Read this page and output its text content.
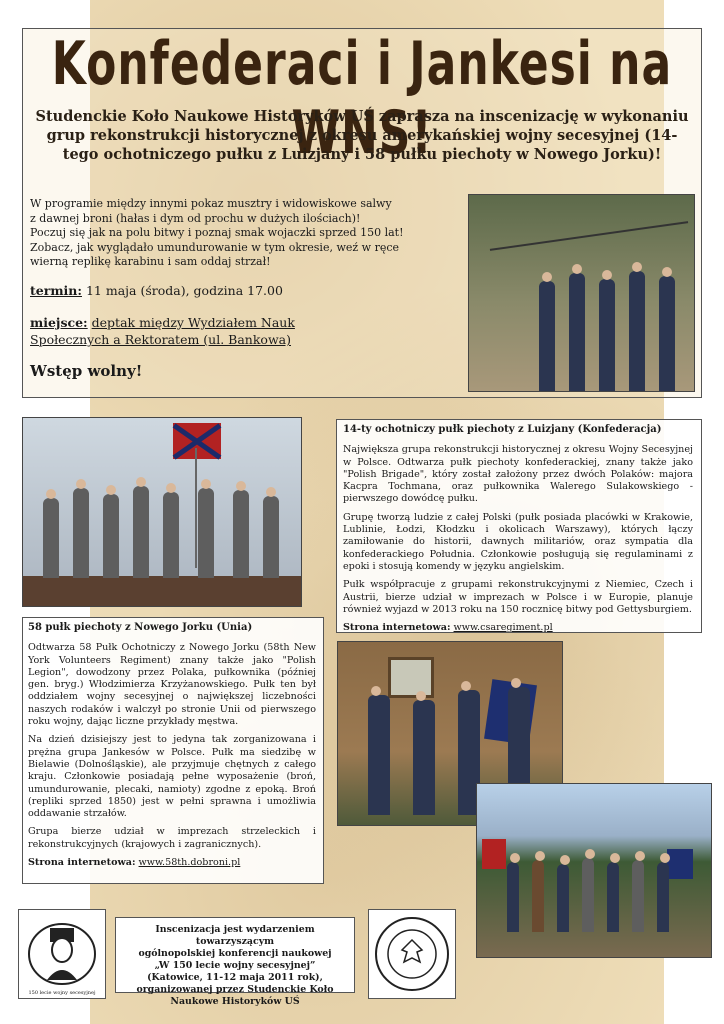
Konfederaci i Jankesi na WNS!
Studenckie Koło Naukowe Historyków UŚ zaprasza na inscenizację w wykonaniu grup rekonstrukcji historycznej z okresu amerykańskiej wojny secesyjnej (14-tego ochotniczego pułku z Luizjany i 58 pułku piechoty w Nowego Jorku)!
W programie między innymi pokaz musztry i widowiskowe salwy
z dawnej broni (hałas i dym od prochu w dużych ilościach)!
Poczuj się jak na polu bitwy i poznaj smak wojaczki sprzed 150 lat!
Zobacz, jak wyglądało umundurowanie w tym okresie, weź w ręce
wierną replikę karabinu i sam oddaj strzał!
termin: 11 maja (środa), godzina 17.00
miejsce: deptak między Wydziałem Nauk
Społecznych a Rektoratem (ul. Bankowa)
Wstęp wolny!
14-ty ochotniczy pułk piechoty z Luizjany (Konfederacja)

Największa grupa rekonstrukcji historycznej z okresu Wojny Secesyjnej w Polsce. Odtwarza pułk piechoty konfederackiej, znany także jako "Polish Brigade", który został założony przez dwóch Polaków: majora Kacpra Tochmana, oraz pułkownika Walerego Sulakowskiego - pierwszego dowódcę pułku.

Grupę tworzą ludzie z całej Polski (pułk posiada placówki w Krakowie, Lublinie, Łodzi, Kłodzku i okolicach Warszawy), których łączy zamiłowanie do historii, dawnych militariów, oraz sympatia dla konfederackiego Południa. Członkowie posługują się regulaminami z epoki i stosują komendy w języku angielskim.

Pułk współpracuje z grupami rekonstrukcyjnymi z Niemiec, Czech i Austrii, bierze udział w imprezach w Polsce i w Europie, planuje również wyjazd w 2013 roku na 150 rocznicę bitwy pod Gettysburgiem.

Strona internetowa: www.csaregiment.pl

58 pułk piechoty z Nowego Jorku (Unia)

Odtwarza 58 Pułk Ochotniczy z Nowego Jorku (58th New York Volunteers Regiment) znany także jako "Polish Legion", dowodzony przez Polaka, pułkownika (później gen. bryg.) Włodzimierza Krzyżanowskiego. Pułk ten był oddziałem wojny secesyjnej o największej liczebności naszych rodaków i walczył po stronie Unii od pierwszego roku wojny, dając liczne przykłady męstwa.

Na dzień dzisiejszy jest to jedyna tak zorganizowana i prężna grupa Jankesów w Polsce. Pułk ma siedzibę w Bielawie (Dolnośląskie), ale przyjmuje chętnych z całego kraju. Członkowie posiadają pełne wyposażenie (broń, umundurowanie, plecaki, namioty) zgodne z epoką. Broń (repliki sprzed 1850) jest w pełni sprawna i umożliwia oddawanie strzałów.

Grupa bierze udział w imprezach strzeleckich i rekonstrukcyjnych (krajowych i zagranicznych).

Strona internetowa: www.58th.dobroni.pl

150 lecie wojny secesyjnej
Inscenizacja jest wydarzeniem towarzyszącym
ogólnopolskiej konferencji naukowej
„W 150 lecie wojny secesyjnej”
(Katowice, 11-12 maja 2011 rok),
organizowanej przez Studenckie Koło
Naukowe Historyków UŚ
